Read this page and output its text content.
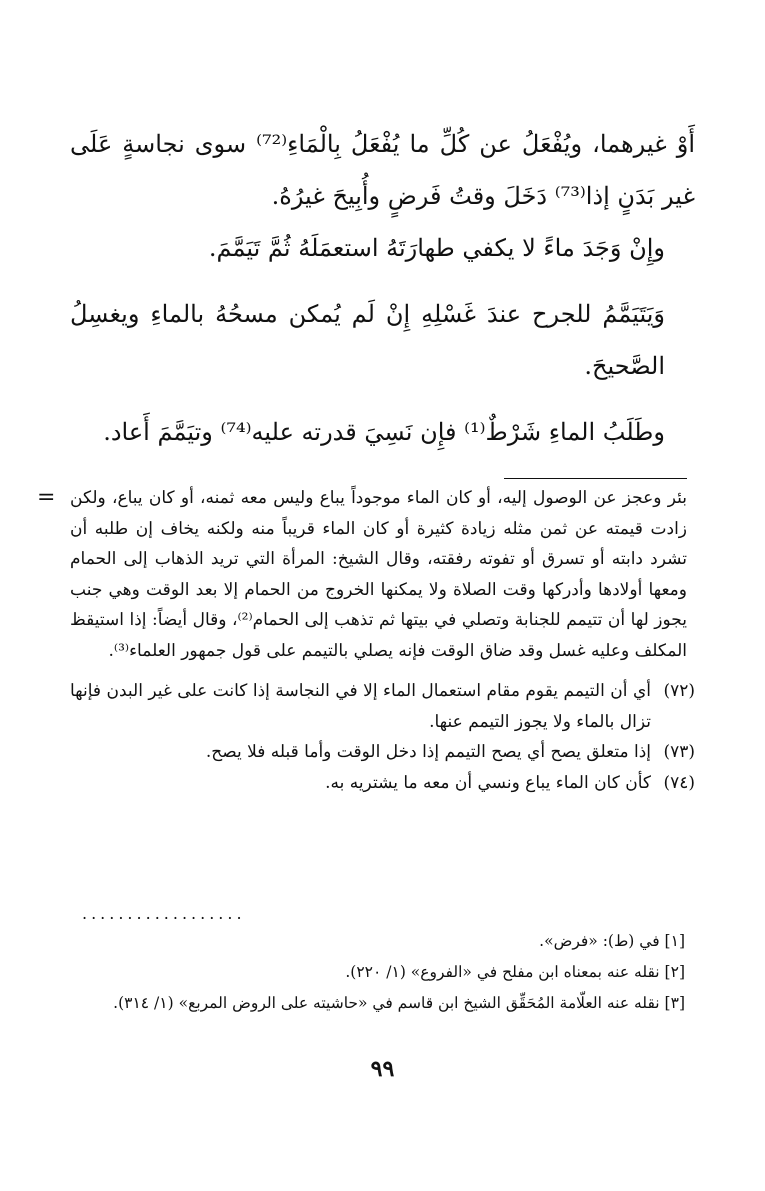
أَوْ غيرهما، ويُفْعَلُ عن كُلِّ ما يُفْعَلُ بِالْمَاءِ⁽⁷²⁾ سوى نجاسةٍ عَلَى غير بَدَنٍ إذا⁽⁷³⁾ دَخَلَ وقتُ فَرضٍ وأُبِيحَ غيرُهُ.

وإِنْ وَجَدَ ماءً لا يكفي طهارَتَهُ استعمَلَهُ ثُمَّ تَيَمَّمَ.

وَيَتَيَمَّمُ للجرح عندَ غَسْلِهِ إِنْ لَم يُمكن مسحُهُ بالماءِ ويغسِلُ الصَّحيحَ.

وطَلَبُ الماءِ شَرْطٌ⁽¹⁾ فإِن نَسِيَ قدرته عليه⁽⁷⁴⁾ وتيَمَّمَ أَعاد.

= بئر وعجز عن الوصول إليه، أو كان الماء موجوداً يباع وليس معه ثمنه، أو كان يباع، ولكن زادت قيمته عن ثمن مثله زيادة كثيرة أو كان الماء قريباً منه ولكنه يخاف إن طلبه أن تشرد دابته أو تسرق أو تفوته رفقته، وقال الشيخ: المرأة التي تريد الذهاب إلى الحمام ومعها أولادها وأدركها وقت الصلاة ولا يمكنها الخروج من الحمام إلا بعد الوقت وهي جنب يجوز لها أن تتيمم للجنابة وتصلي في بيتها ثم تذهب إلى الحمام⁽²⁾، وقال أيضاً: إذا استيقظ المكلف وعليه غسل وقد ضاق الوقت فإنه يصلي بالتيمم على قول جمهور العلماء⁽³⁾.
(٧٢)
أي أن التيمم يقوم مقام استعمال الماء إلا في النجاسة إذا كانت على غير البدن فإنها تزال بالماء ولا يجوز التيمم عنها.
(٧٣)
إذا متعلق يصح أي يصح التيمم إذا دخل الوقت وأما قبله فلا يصح.
(٧٤)
كأن كان الماء يباع ونسي أن معه ما يشتريه به.
..................
[١] في (ط): «فرض».
[٢] نقله عنه بمعناه ابن مفلح في «الفروع» (١/ ٢٢٠).
[٣] نقله عنه العلّامة المُحَقِّق الشيخ ابن قاسم في «حاشيته على الروض المربع» (١/ ٣١٤).
٩٩
